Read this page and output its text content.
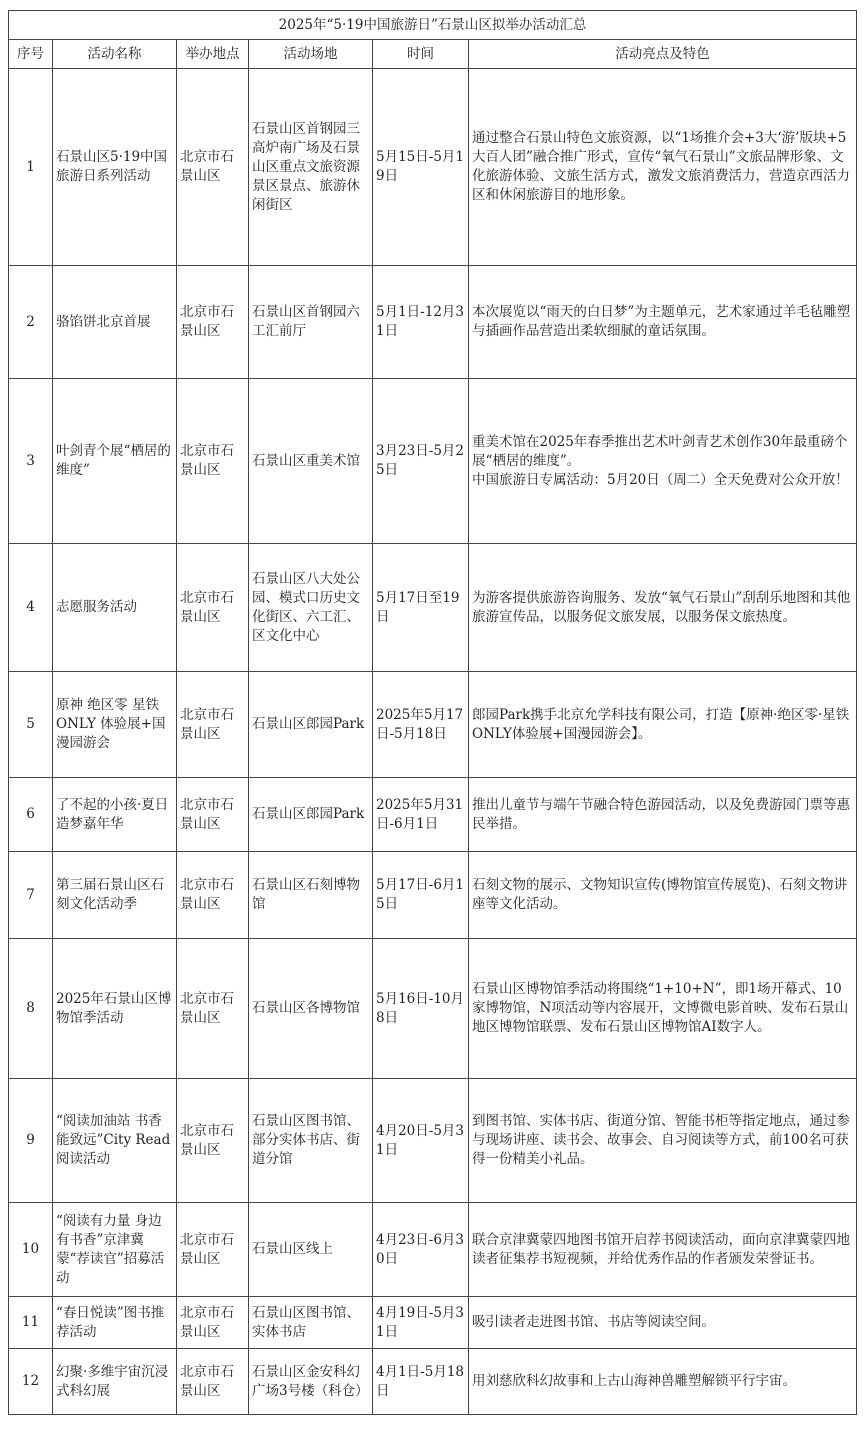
2025年“5·19中国旅游日”石景山区拟举办活动汇总					
序号	活动名称	举办地点	活动场地	时间	活动亮点及特色
1	石景山区5·19中国旅游日系列活动	北京市石景山区	石景山区首钢园三高炉南广场及石景山区重点文旅资源景区景点、旅游休闲街区	5月15日-5月19日	通过整合石景山特色文旅资源，以“1场推介会+3大‘游’版块+5大百人团”融合推广形式，宣传“氧气石景山”文旅品牌形象、文化旅游体验、文旅生活方式，激发文旅消费活力，营造京西活力区和休闲旅游目的地形象。
2	骆馅饼北京首展	北京市石景山区	石景山区首钢园六工汇前厅	5月1日-12月31日	本次展览以“雨天的白日梦”为主题单元，艺术家通过羊毛毡雕塑与插画作品营造出柔软细腻的童话氛围。
3	叶剑青个展“栖居的维度”	北京市石景山区	石景山区重美术馆	3月23日-5月25日	重美术馆在2025年春季推出艺术叶剑青艺术创作30年最重磅个展“栖居的维度”。
中国旅游日专属活动：5月20日（周二）全天免费对公众开放！
4	志愿服务活动	北京市石景山区	石景山区八大处公园、模式口历史文化街区、六工汇、区文化中心	5月17日至19日	为游客提供旅游咨询服务、发放“氧气石景山”刮刮乐地图和其他旅游宣传品，以服务促文旅发展，以服务保文旅热度。
5	原神 绝区零 星铁 ONLY 体验展+国漫园游会	北京市石景山区	石景山区郎园Park	2025年5月17日-5月18日	郎园Park携手北京允学科技有限公司，打造【原神·绝区零·星铁 ONLY体验展+国漫园游会】。
6	了不起的小孩·夏日造梦嘉年华	北京市石景山区	石景山区郎园Park	2025年5月31日-6月1日	推出儿童节与端午节融合特色游园活动，以及免费游园门票等惠民举措。
7	第三届石景山区石刻文化活动季	北京市石景山区	石景山区石刻博物馆	5月17日-6月15日	石刻文物的展示、文物知识宣传(博物馆宣传展览)、石刻文物讲座等文化活动。
8	2025年石景山区博物馆季活动	北京市石景山区	石景山区各博物馆	5月16日-10月8日	石景山区博物馆季活动将围绕“1+10+N”，即1场开幕式、10家博物馆，N项活动等内容展开，文博微电影首映、发布石景山地区博物馆联票、发布石景山区博物馆AI数字人。
9	“阅读加油站 书香能致远”City Read阅读活动	北京市石景山区	石景山区图书馆、部分实体书店、街道分馆	4月20日-5月31日	到图书馆、实体书店、街道分馆、智能书柜等指定地点，通过参与现场讲座、读书会、故事会、自习阅读等方式，前100名可获得一份精美小礼品。
10	“阅读有力量 身边有书香”京津冀蒙“荐读官”招募活动	北京市石景山区	石景山区线上	4月23日-6月30日	联合京津冀蒙四地图书馆开启荐书阅读活动，面向京津冀蒙四地读者征集荐书短视频，并给优秀作品的作者颁发荣誉证书。
11	“春日悦读”图书推荐活动	北京市石景山区	石景山区图书馆、 实体书店	4月19日-5月31日	吸引读者走进图书馆、书店等阅读空间。
12	幻聚·多维宇宙沉浸式科幻展	北京市石景山区	石景山区金安科幻广场3号楼（科仓）	4月1日-5月18日	用刘慈欣科幻故事和上古山海神兽雕塑解锁平行宇宙。
